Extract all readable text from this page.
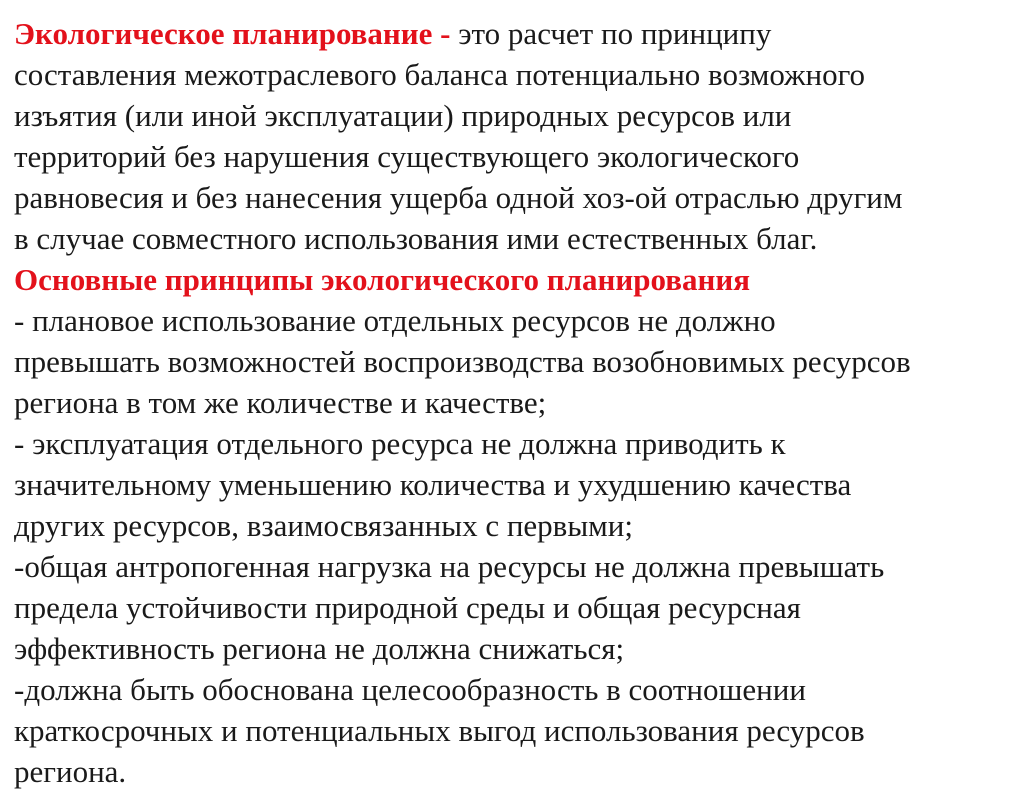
Экологическое планирование - это расчет по принципу
составления межотраслевого баланса потенциально возможного
изъятия (или иной эксплуатации) природных ресурсов или
территорий без нарушения существующего экологического
равновесия и без нанесения ущерба одной хоз-ой отраслью другим
в случае совместного использования ими естественных благ.
Основные принципы экологического планирования
- плановое использование отдельных ресурсов не должно
превышать возможностей воспроизводства возобновимых ресурсов
региона в том же количестве и качестве;
- эксплуатация отдельного ресурса не должна приводить к
значительному уменьшению количества и ухудшению качества
других ресурсов, взаимосвязанных с первыми;
-общая антропогенная нагрузка на ресурсы не должна превышать
предела устойчивости природной среды и общая ресурсная
эффективность региона не должна снижаться;
-должна быть обоснована целесообразность в соотношении
краткосрочных и потенциальных выгод использования ресурсов
региона.
